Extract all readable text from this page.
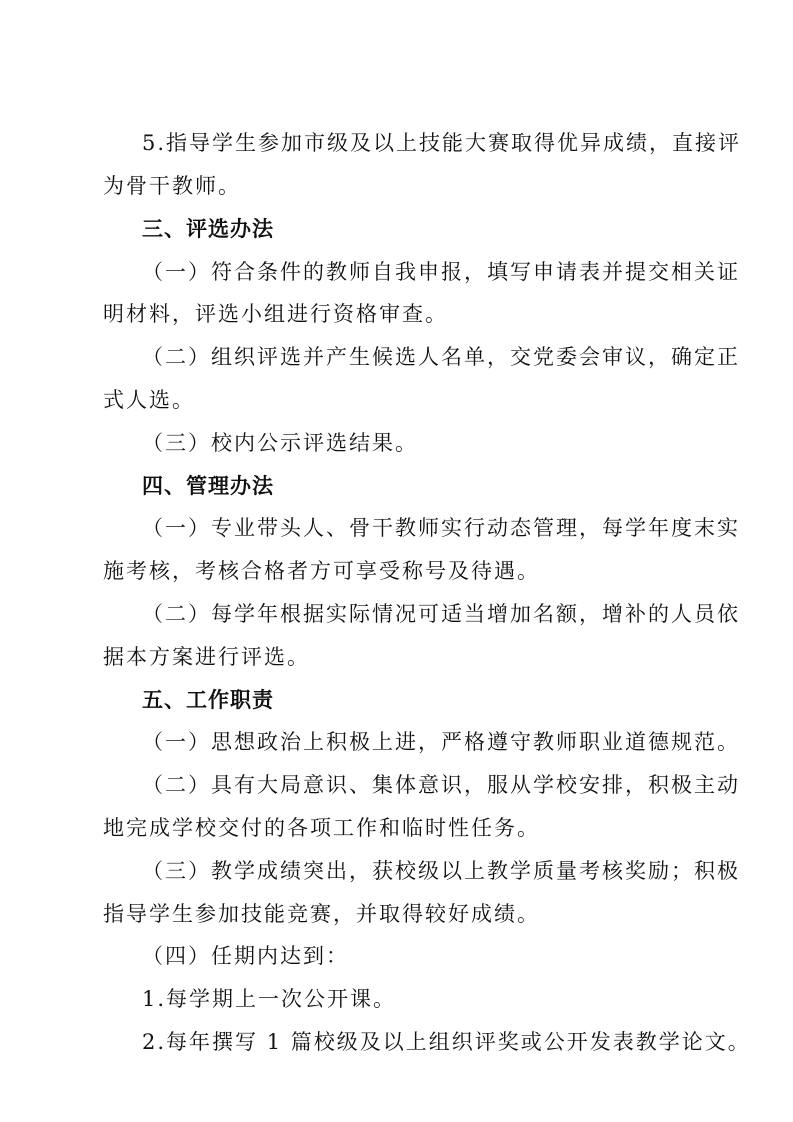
5.指导学生参加市级及以上技能大赛取得优异成绩，直接评
为骨干教师。
三、评选办法
（一）符合条件的教师自我申报，填写申请表并提交相关证
明材料，评选小组进行资格审查。
（二）组织评选并产生候选人名单，交党委会审议，确定正
式人选。
（三）校内公示评选结果。
四、管理办法
（一）专业带头人、骨干教师实行动态管理，每学年度末实
施考核，考核合格者方可享受称号及待遇。
（二）每学年根据实际情况可适当增加名额，增补的人员依
据本方案进行评选。
五、工作职责
（一）思想政治上积极上进，严格遵守教师职业道德规范。
（二）具有大局意识、集体意识，服从学校安排，积极主动
地完成学校交付的各项工作和临时性任务。
（三）教学成绩突出，获校级以上教学质量考核奖励；积极
指导学生参加技能竞赛，并取得较好成绩。
（四）任期内达到：
1.每学期上一次公开课。
2.每年撰写 1 篇校级及以上组织评奖或公开发表教学论文。
